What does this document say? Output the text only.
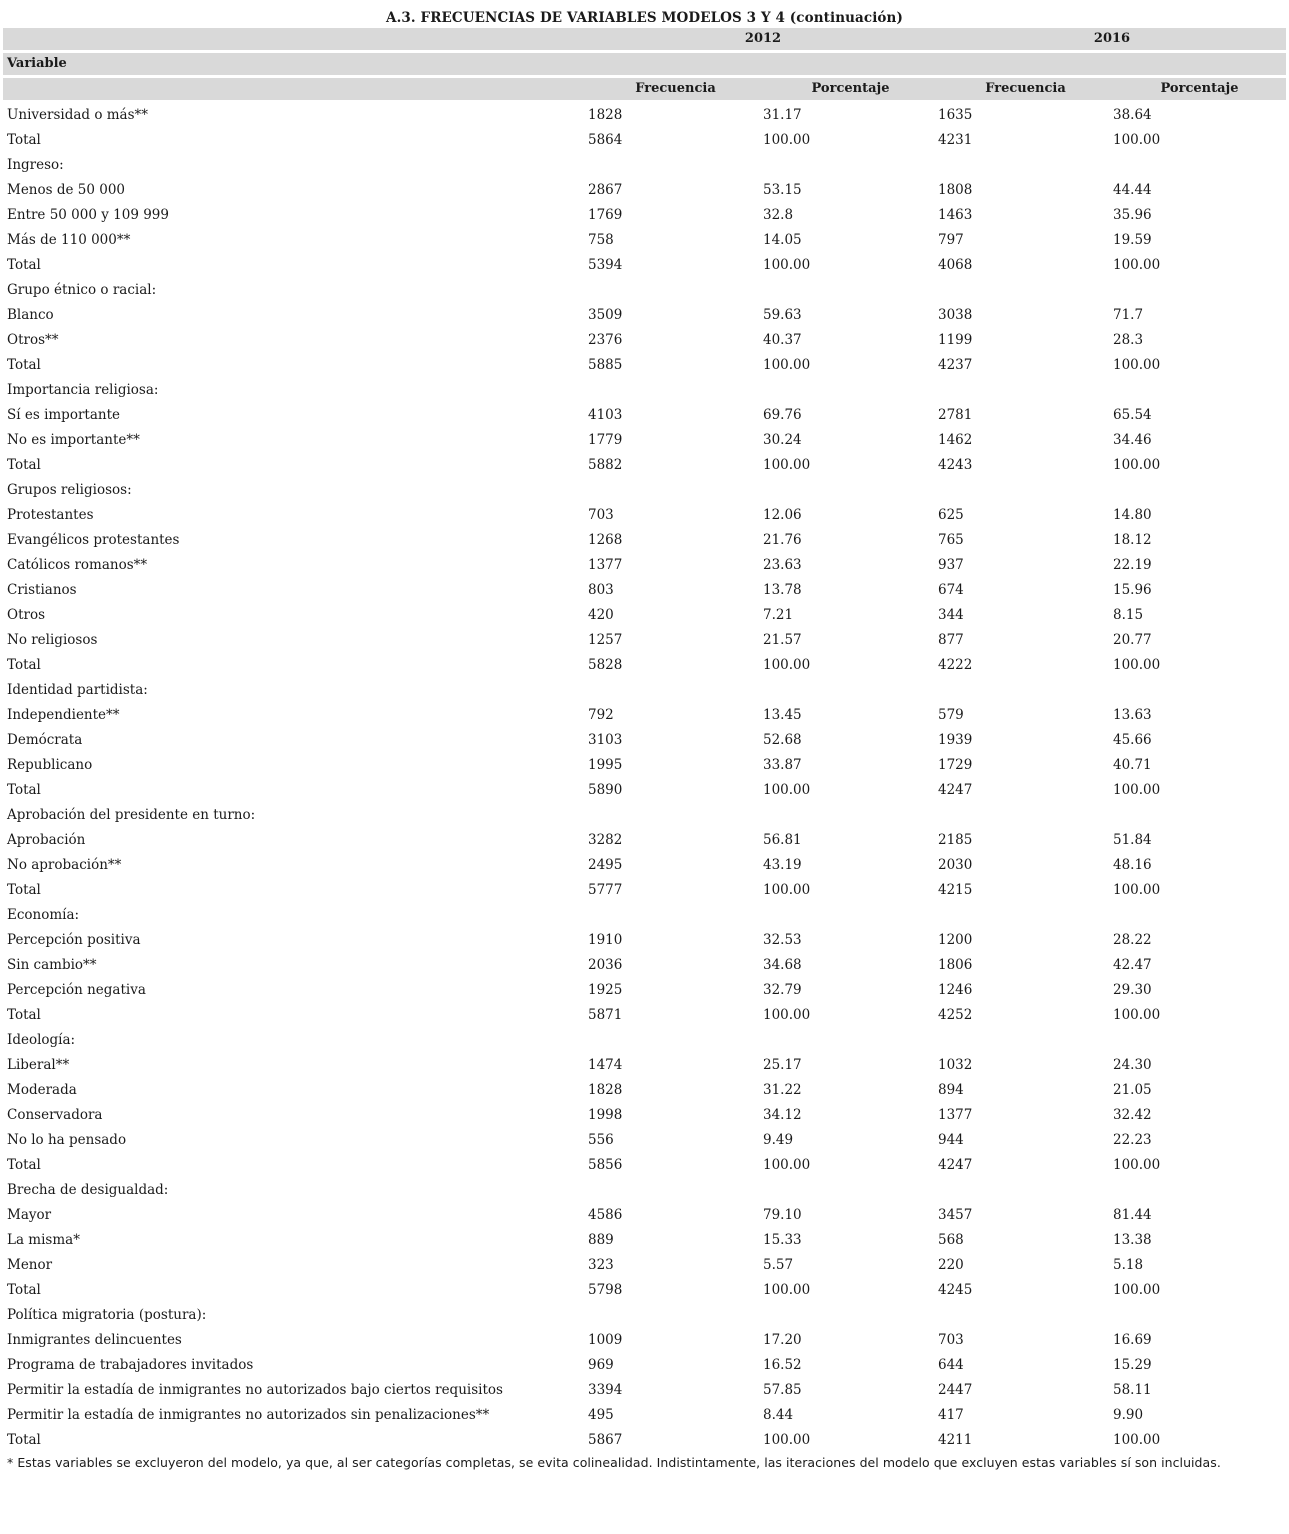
A.3. FRECUENCIAS DE VARIABLES MODELOS 3 Y 4 (continuación)
	2012		2016	
Variable				
	Frecuencia	Porcentaje	Frecuencia	Porcentaje
Universidad o más**	1828	31.17	1635	38.64
Total	5864	100.00	4231	100.00
Ingreso:				
Menos de 50 000	2867	53.15	1808	44.44
Entre 50 000 y 109 999	1769	32.8	1463	35.96
Más de 110 000**	758	14.05	797	19.59
Total	5394	100.00	4068	100.00
Grupo étnico o racial:				
Blanco	3509	59.63	3038	71.7
Otros**	2376	40.37	1199	28.3
Total	5885	100.00	4237	100.00
Importancia religiosa:				
Sí es importante	4103	69.76	2781	65.54
No es importante**	1779	30.24	1462	34.46
Total	5882	100.00	4243	100.00
Grupos religiosos:				
Protestantes	703	12.06	625	14.80
Evangélicos protestantes	1268	21.76	765	18.12
Católicos romanos**	1377	23.63	937	22.19
Cristianos	803	13.78	674	15.96
Otros	420	7.21	344	8.15
No religiosos	1257	21.57	877	20.77
Total	5828	100.00	4222	100.00
Identidad partidista:				
Independiente**	792	13.45	579	13.63
Demócrata	3103	52.68	1939	45.66
Republicano	1995	33.87	1729	40.71
Total	5890	100.00	4247	100.00
Aprobación del presidente en turno:				
Aprobación	3282	56.81	2185	51.84
No aprobación**	2495	43.19	2030	48.16
Total	5777	100.00	4215	100.00
Economía:				
Percepción positiva	1910	32.53	1200	28.22
Sin cambio**	2036	34.68	1806	42.47
Percepción negativa	1925	32.79	1246	29.30
Total	5871	100.00	4252	100.00
Ideología:				
Liberal**	1474	25.17	1032	24.30
Moderada	1828	31.22	894	21.05
Conservadora	1998	34.12	1377	32.42
No lo ha pensado	556	9.49	944	22.23
Total	5856	100.00	4247	100.00
Brecha de desigualdad:				
Mayor	4586	79.10	3457	81.44
La misma*	889	15.33	568	13.38
Menor	323	5.57	220	5.18
Total	5798	100.00	4245	100.00
Política migratoria (postura):				
Inmigrantes delincuentes	1009	17.20	703	16.69
Programa de trabajadores invitados	969	16.52	644	15.29
Permitir la estadía de inmigrantes no autorizados bajo ciertos requisitos	3394	57.85	2447	58.11
Permitir la estadía de inmigrantes no autorizados sin penalizaciones**	495	8.44	417	9.90
Total	5867	100.00	4211	100.00
* Estas variables se excluyeron del modelo, ya que, al ser categorías completas, se evita colinealidad. Indistintamente, las iteraciones del modelo que excluyen estas variables sí son incluidas.
